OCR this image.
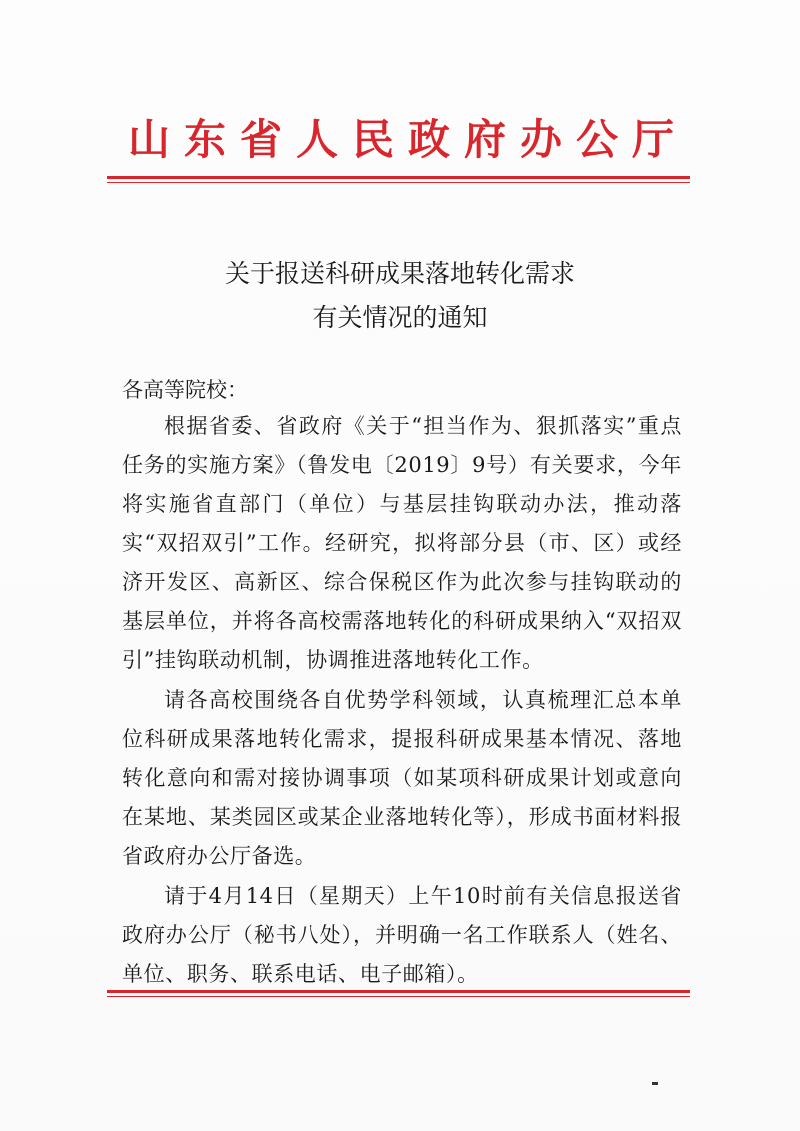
山东省人民政府办公厅
关于报送科研成果落地转化需求
有关情况的通知
各高等院校：

根据省委、省政府《关于“担当作为、狠抓落实”重点任务的实施方案》（鲁发电〔2019〕9号）有关要求，今年将实施省直部门（单位）与基层挂钩联动办法，推动落实“双招双引”工作。经研究，拟将部分县（市、区）或经济开发区、高新区、综合保税区作为此次参与挂钩联动的基层单位，并将各高校需落地转化的科研成果纳入“双招双引”挂钩联动机制，协调推进落地转化工作。

请各高校围绕各自优势学科领域，认真梳理汇总本单位科研成果落地转化需求，提报科研成果基本情况、落地转化意向和需对接协调事项（如某项科研成果计划或意向在某地、某类园区或某企业落地转化等），形成书面材料报省政府办公厅备选。

请于4月14日（星期天）上午10时前有关信息报送省政府办公厅（秘书八处），并明确一名工作联系人（姓名、单位、职务、联系电话、电子邮箱）。
